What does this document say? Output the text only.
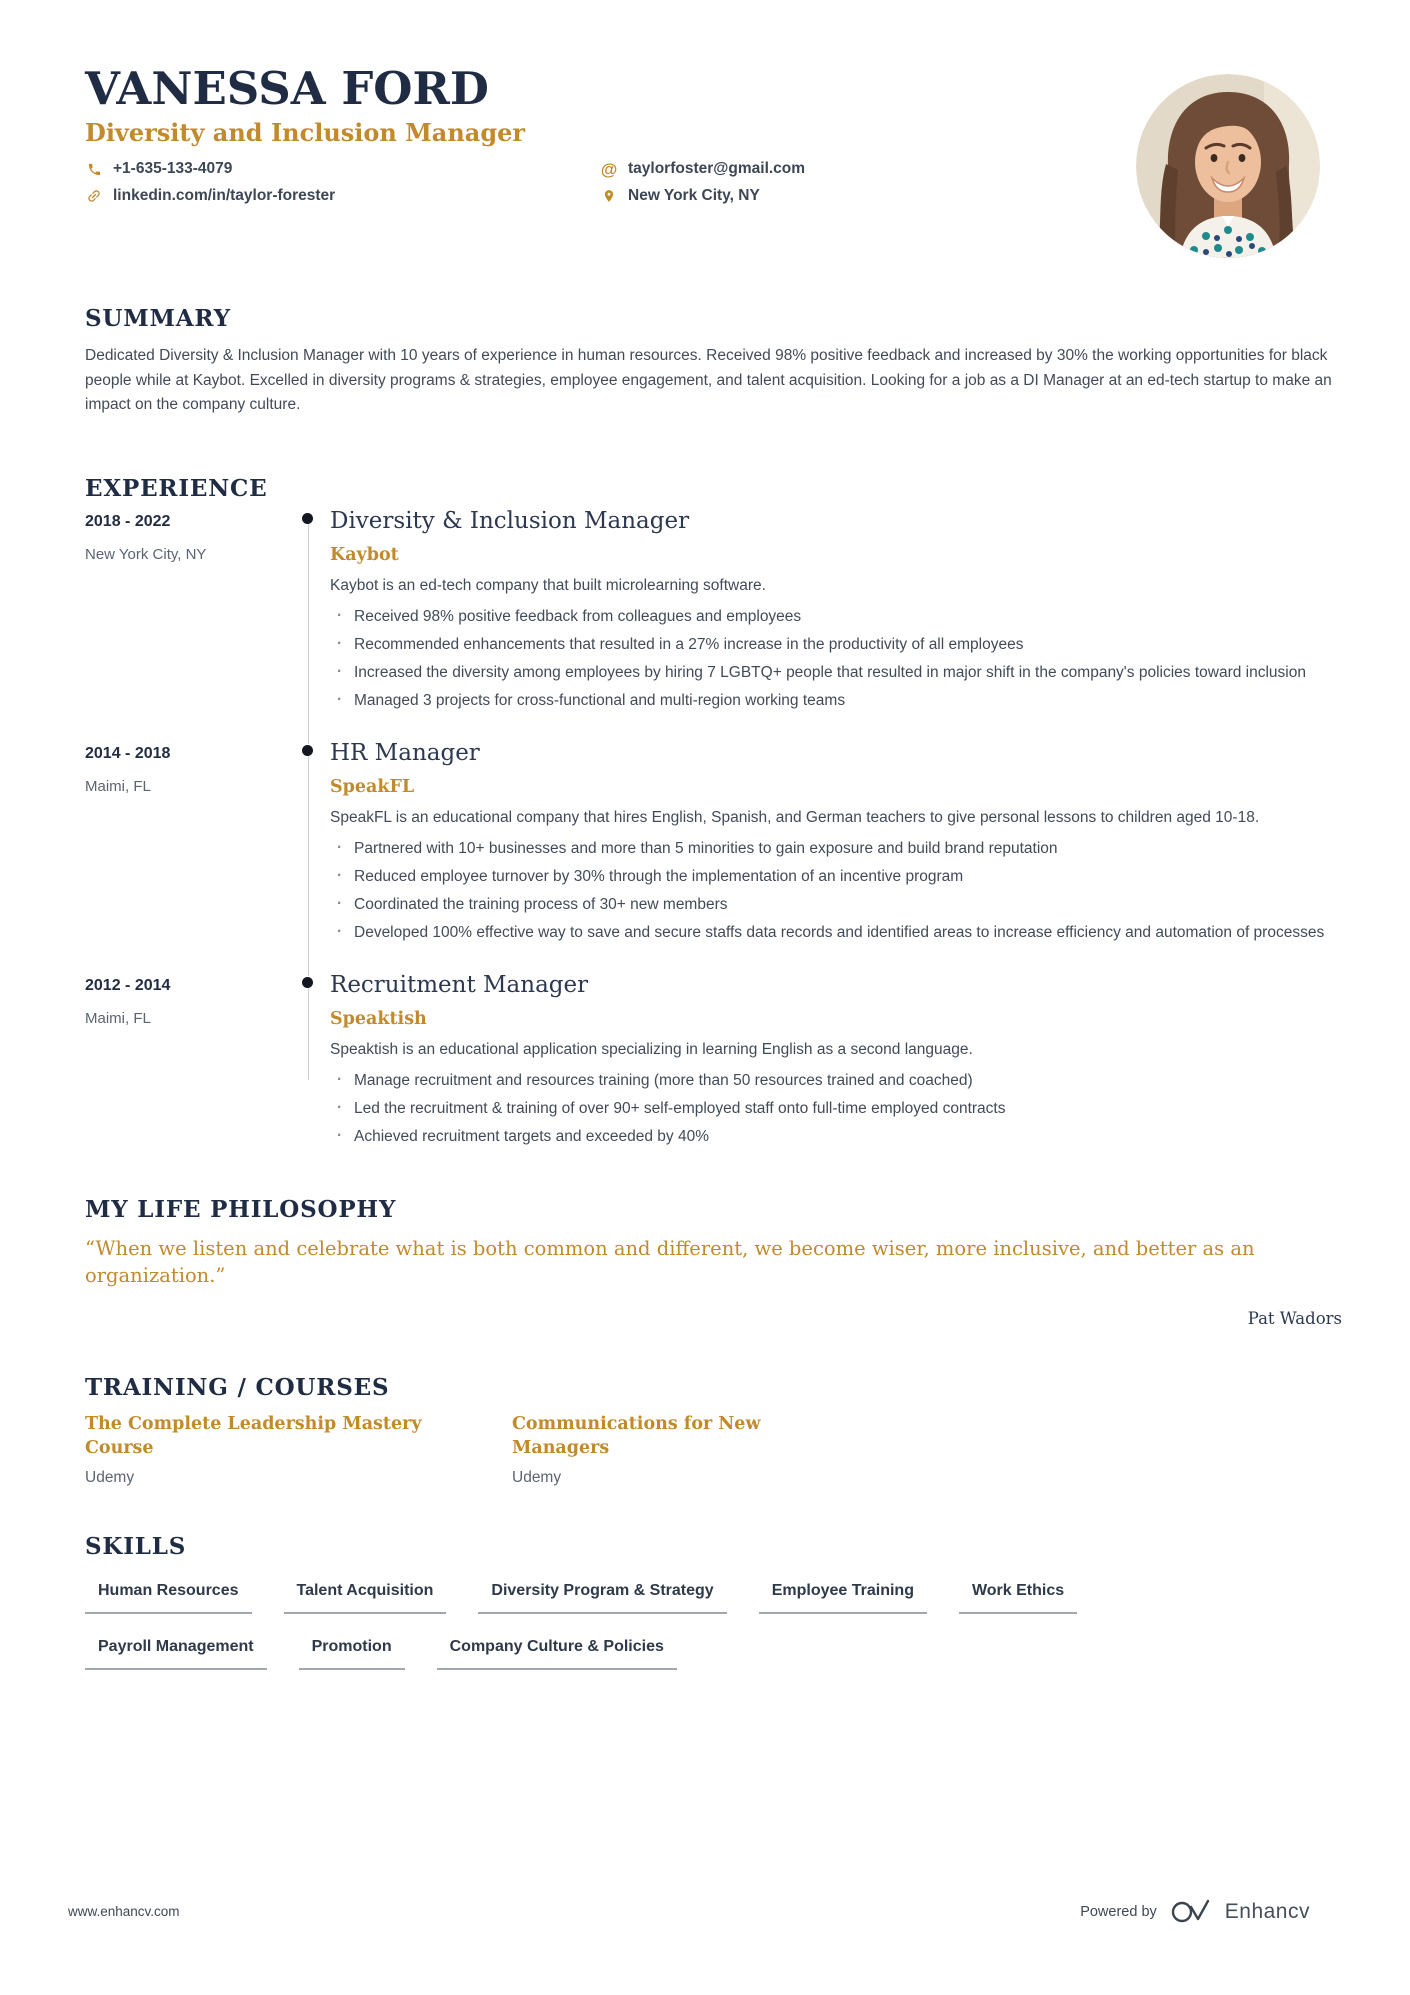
VANESSA FORD
Diversity and Inclusion Manager
+1-635-133-4079	@ taylorfoster@gmail.com
linkedin.com/in/taylor-forester	New York City, NY
SUMMARY

Dedicated Diversity & Inclusion Manager with 10 years of experience in human resources. Received 98% positive feedback and increased by 30% the working opportunities for black people while at Kaybot. Excelled in diversity programs & strategies, employee engagement, and talent acquisition. Looking for a job as a DI Manager at an ed-tech startup to make an impact on the company culture.

EXPERIENCE
2018 - 2022
New York City, NY
Diversity & Inclusion Manager
Kaybot

Kaybot is an ed-tech company that built microlearning software.

· Received 98% positive feedback from colleagues and employees
· Recommended enhancements that resulted in a 27% increase in the productivity of all employees
· Increased the diversity among employees by hiring 7 LGBTQ+ people that resulted in major shift in the company's policies toward inclusion
· Managed 3 projects for cross-functional and multi-region working teams
2014 - 2018
Maimi, FL
HR Manager
SpeakFL

SpeakFL is an educational company that hires English, Spanish, and German teachers to give personal lessons to children aged 10-18.

· Partnered with 10+ businesses and more than 5 minorities to gain exposure and build brand reputation
· Reduced employee turnover by 30% through the implementation of an incentive program
· Coordinated the training process of 30+ new members
· Developed 100% effective way to save and secure staffs data records and identified areas to increase efficiency and automation of processes
2012 - 2014
Maimi, FL
Recruitment Manager
Speaktish

Speaktish is an educational application specializing in learning English as a second language.

· Manage recruitment and resources training (more than 50 resources trained and coached)
· Led the recruitment & training of over 90+ self-employed staff onto full-time employed contracts
· Achieved recruitment targets and exceeded by 40%
MY LIFE PHILOSOPHY

“When we listen and celebrate what is both common and different, we become wiser, more inclusive, and better as an organization.”

Pat Wadors
TRAINING / COURSES
The Complete Leadership Mastery Course
Udemy
Communications for New Managers
Udemy
SKILLS
Human Resources	Talent Acquisition	Diversity Program & Strategy	Employee Training	Work Ethics
Payroll Management	Promotion	Company Culture & Policies
www.enhancv.com	Powered by	Enhancv
